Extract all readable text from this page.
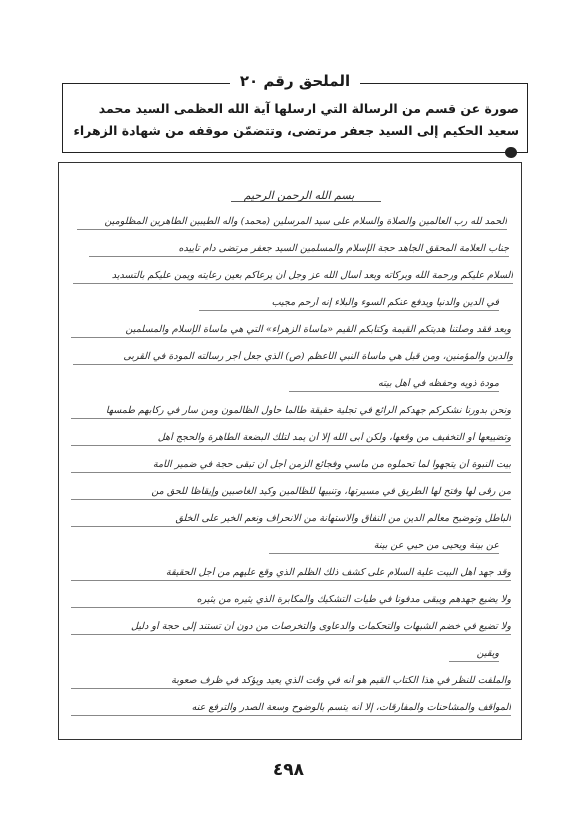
الملحق رقم ٢٠
صورة عن قسم من الرسالة التي ارسلها آية الله العظمى السيد محمد سعيد الحكيم إلى السيد جعفر مرتضى، وتتضمّن موقفه من شهادة الزهراء
بسم الله الرحمن الرحيم
الحمد لله رب العالمين والصلاة والسلام على سيد المرسلين (محمد) وآله الطيبين الطاهرين المظلومين
جناب العلامة المحقق الجاهد حجة الإسلام والمسلمين السيد جعفر مرتضى دام تأييده
السلام عليكم ورحمة الله وبركاته وبعد أسأل الله عز وجل أن يرعاكم بعين رعايته ويمن عليكم بالتسديد
في الدين والدنيا ويدفع عنكم السوء والبلاء إنه أرحم مجيب
وبعد فقد وصلتنا هديتكم القيمة وكتابكم القيم «مأساة الزهراء» التي هي مأساة الإسلام والمسلمين
والدين والمؤمنين، ومن قبل هي مأساة النبي الأعظم (ص) الذي جعل أجر رسالته المودة في القربى
مودة ذويه وحفظه في أهل بيته
ونحن بدورنا نشكركم جهدكم الرائع في تجلية حقيقة طالما حاول الظالمون ومن سار في ركابهم طمسها
وتضييعها أو التخفيف من وقعها، ولكن أبى الله إلا أن يمد لتلك البضعة الطاهرة والحجج أهل
بيت النبوة أن يتجهوا لما تحملوه من مآسي وفجائع الزمن أجل أن تبقى حجة في ضمير الأمة
من رقى لها وفتح لها الطريق في مسيرتها، وتنبيها للظالمين وكيد الغاصبين وإيقاظا للحق من
الباطل وتوضيح معالم الدين من النفاق والاستهانة من الانحراف ونعم الخير على الخلق
عن بينة ويحيى من حيي عن بينة
وقد جهد أهل البيت علية السلام على كشف ذلك الظلم الذي وقع عليهم من أجل الحقيقة
ولا يضيع جهدهم ويبقى مدفونا في طيات التشكيك والمكابرة الذي يثيره من يثيره
ولا تضيع في خضم الشبهات والتحكمات والدعاوى والتخرصات من دون أن تستند إلى حجة أو دليل
ويقين
والملفت للنظر في هذا الكتاب القيم هو أنه في وقت الذي يعيد ويؤكد في ظرف صعوبة
المواقف والمشاحنات والمفارقات، إلا أنه يتسم بالوضوح وسعة الصدر والترفع عنه
٤٩٨
